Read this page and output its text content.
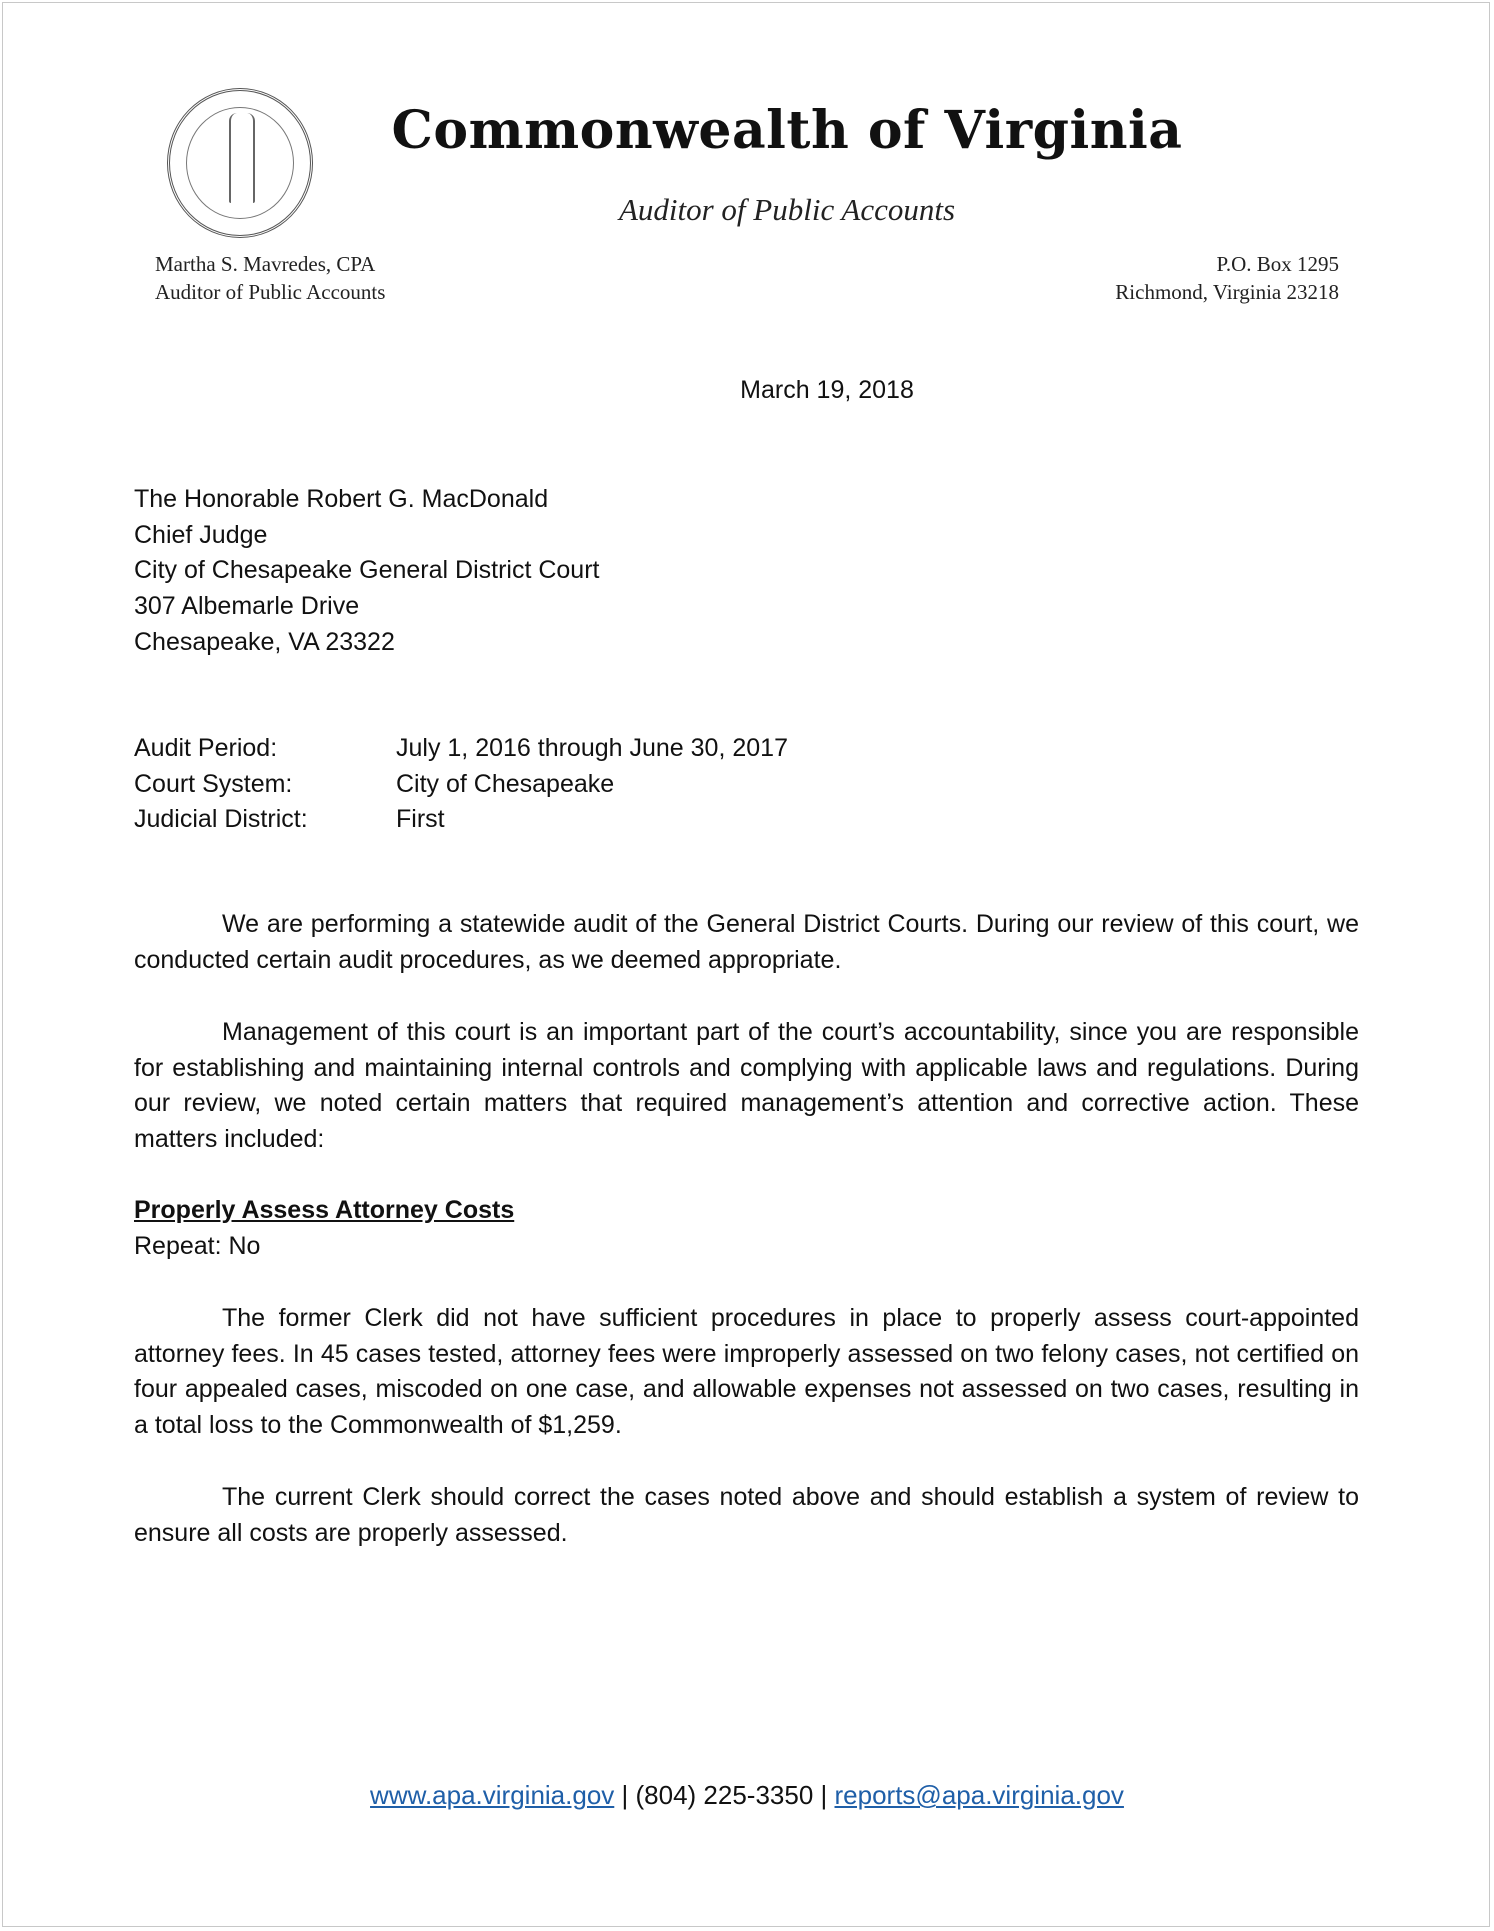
Commonwealth of Virginia
Auditor of Public Accounts
Martha S. Mavredes, CPA
Auditor of Public Accounts
P.O. Box 1295
Richmond, Virginia 23218
March 19, 2018
The Honorable Robert G. MacDonald
Chief Judge
City of Chesapeake General District Court
307 Albemarle Drive
Chesapeake, VA 23322
Audit Period:	July 1, 2016 through June 30, 2017
Court System:	City of Chesapeake
Judicial District:	First

We are performing a statewide audit of the General District Courts. During our review of this court, we conducted certain audit procedures, as we deemed appropriate.

Management of this court is an important part of the court’s accountability, since you are responsible for establishing and maintaining internal controls and complying with applicable laws and regulations. During our review, we noted certain matters that required management’s attention and corrective action. These matters included:

Properly Assess Attorney Costs
Repeat: No

The former Clerk did not have sufficient procedures in place to properly assess court-appointed attorney fees. In 45 cases tested, attorney fees were improperly assessed on two felony cases, not certified on four appealed cases, miscoded on one case, and allowable expenses not assessed on two cases, resulting in a total loss to the Commonwealth of $1,259.

The current Clerk should correct the cases noted above and should establish a system of review to ensure all costs are properly assessed.

www.apa.virginia.gov | (804) 225-3350 | reports@apa.virginia.gov
